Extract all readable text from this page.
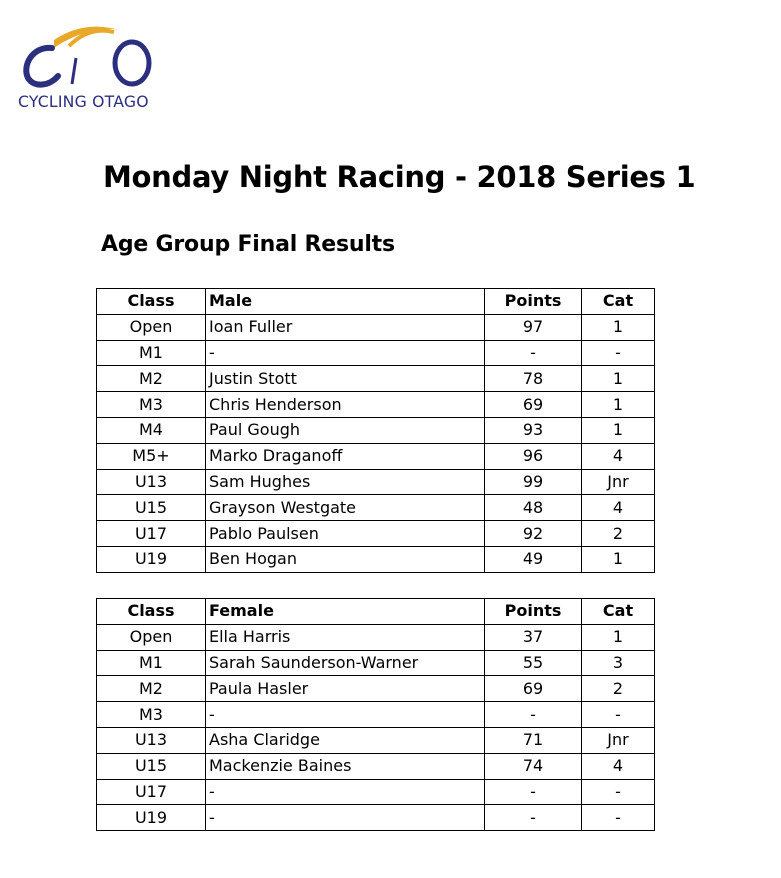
CYCLING OTAGO
Monday Night Racing - 2018 Series 1
Age Group Final Results
Class	Male	Points	Cat
Open	Ioan Fuller	97	1
M1	-	-	-
M2	Justin Stott	78	1
M3	Chris Henderson	69	1
M4	Paul Gough	93	1
M5+	Marko Draganoff	96	4
U13	Sam Hughes	99	Jnr
U15	Grayson Westgate	48	4
U17	Pablo Paulsen	92	2
U19	Ben Hogan	49	1
Class	Female	Points	Cat
Open	Ella Harris	37	1
M1	Sarah Saunderson-Warner	55	3
M2	Paula Hasler	69	2
M3	-	-	-
U13	Asha Claridge	71	Jnr
U15	Mackenzie Baines	74	4
U17	-	-	-
U19	-	-	-
